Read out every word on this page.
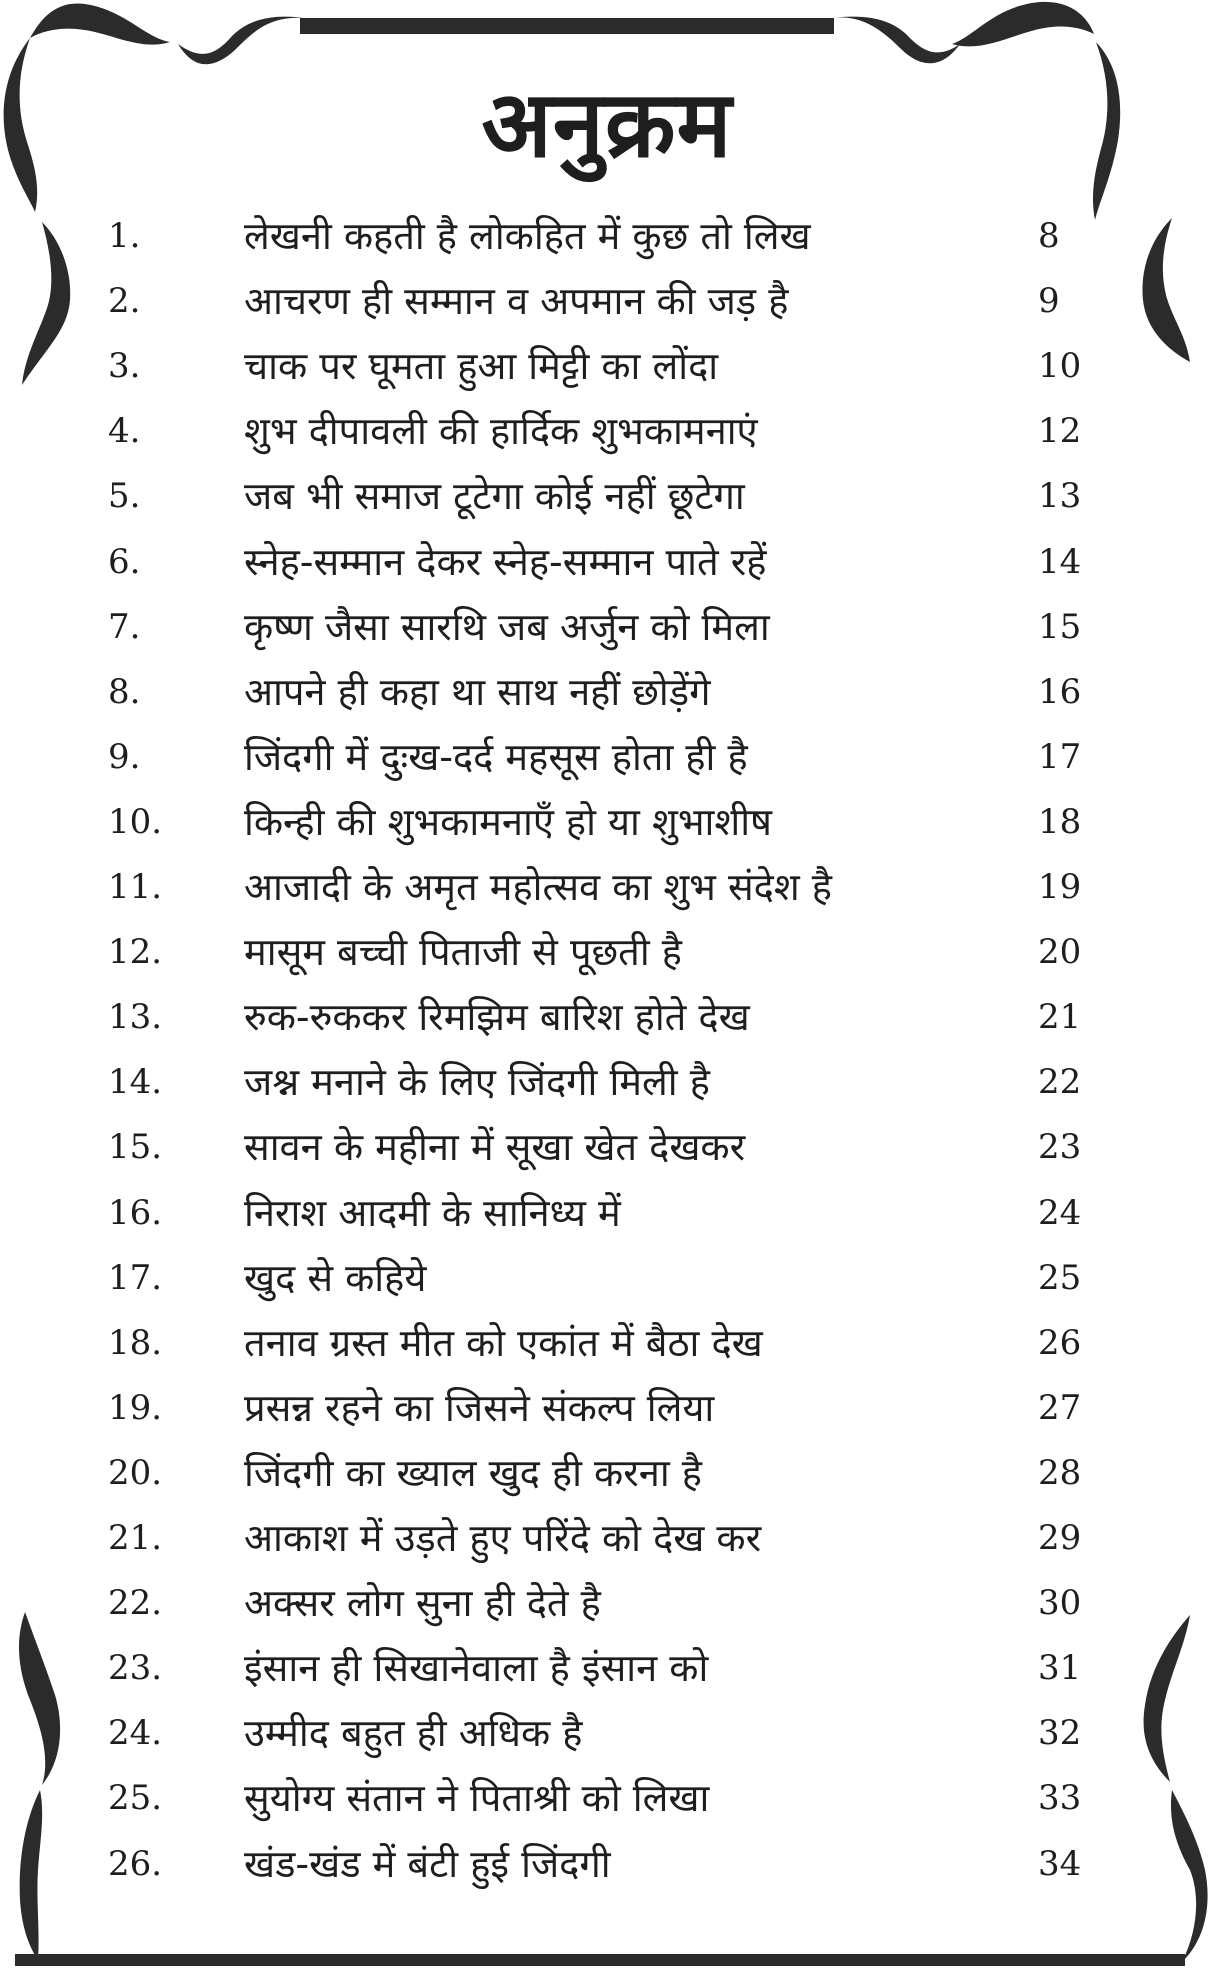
अनुक्रम
1.	लेखनी कहती है लोकहित में कुछ तो लिख	8
2.	आचरण ही सम्मान व अपमान की जड़ है	9
3.	चाक पर घूमता हुआ मिट्टी का लोंदा	10
4.	शुभ दीपावली की हार्दिक शुभकामनाएं	12
5.	जब भी समाज टूटेगा कोई नहीं छूटेगा	13
6.	स्नेह-सम्मान देकर स्नेह-सम्मान पाते रहें	14
7.	कृष्ण जैसा सारथि जब अर्जुन को मिला	15
8.	आपने ही कहा था साथ नहीं छोड़ेंगे	16
9.	जिंदगी में दुःख-दर्द महसूस होता ही है	17
10. किन्ही की शुभकामनाएँ हो या शुभाशीष	18
11. आजादी के अमृत महोत्सव का शुभ संदेश है	19
12. मासूम बच्ची पिताजी से पूछती है	20
13. रुक-रुककर रिमझिम बारिश होते देख	21
14. जश्न मनाने के लिए जिंदगी मिली है	22
15. सावन के महीना में सूखा खेत देखकर	23
16. निराश आदमी के सानिध्य में	24
17. खुद से कहिये	25
18. तनाव ग्रस्त मीत को एकांत में बैठा देख	26
19. प्रसन्न रहने का जिसने संकल्प लिया	27
20. जिंदगी का ख्याल खुद ही करना है	28
21. आकाश में उड़ते हुए परिंदे को देख कर	29
22. अक्सर लोग सुना ही देते है	30
23. इंसान ही सिखानेवाला है इंसान को	31
24. उम्मीद बहुत ही अधिक है	32
25. सुयोग्य संतान ने पिताश्री को लिखा	33
26. खंड-खंड में बंटी हुई जिंदगी	34
